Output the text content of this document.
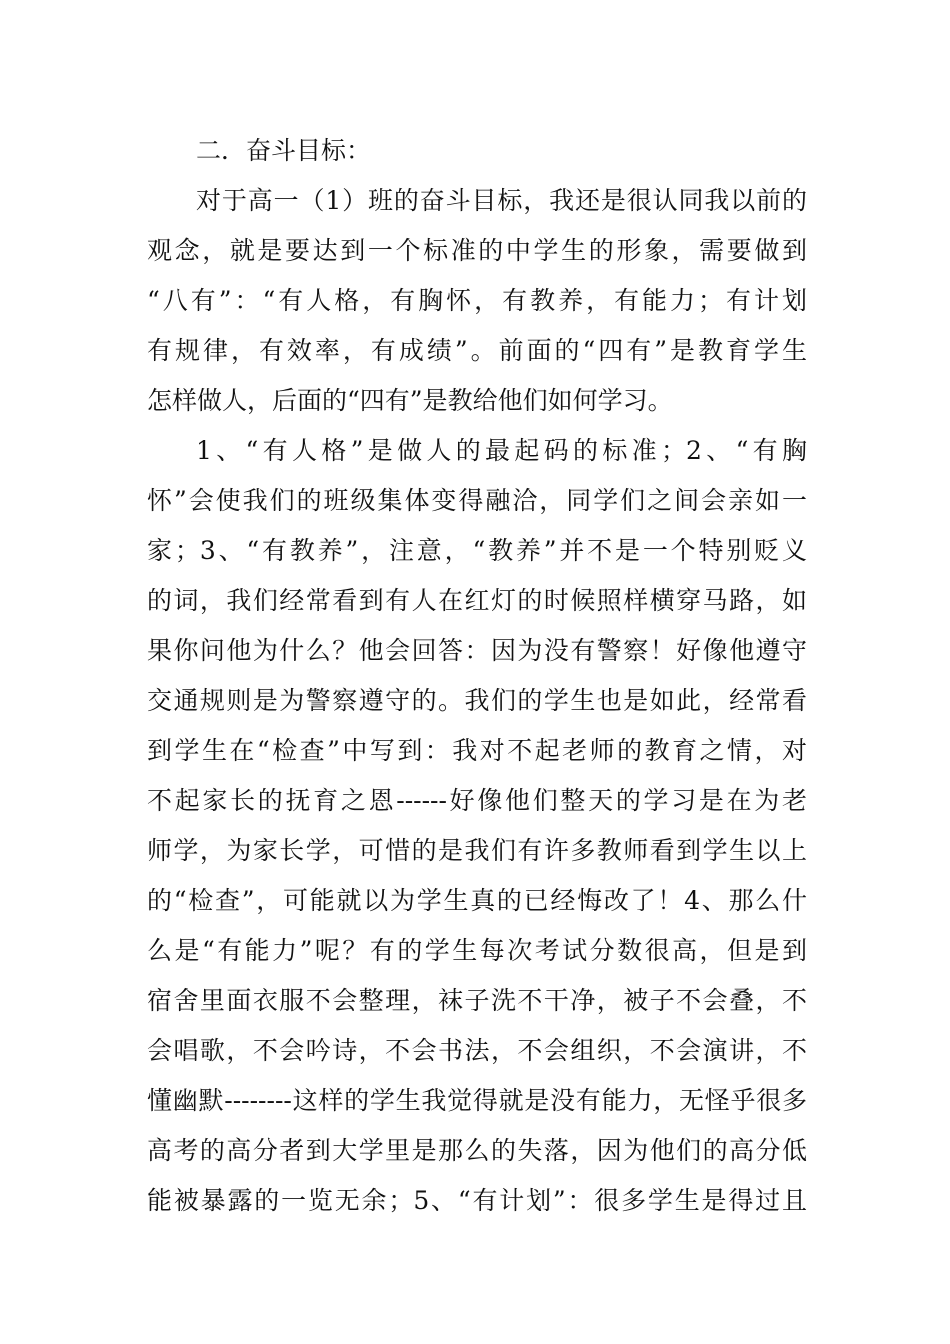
二．奋斗目标：
对于高一（1）班的奋斗目标，我还是很认同我以前的
观念，就是要达到一个标准的中学生的形象，需要做到
“八有”：“有人格，有胸怀，有教养，有能力；有计划
有规律，有效率，有成绩”。前面的“四有”是教育学生
怎样做人，后面的“四有”是教给他们如何学习。
1、“有人格”是做人的最起码的标准；2、“有胸
怀”会使我们的班级集体变得融洽，同学们之间会亲如一
家；3、“有教养”，注意，“教养”并不是一个特别贬义
的词，我们经常看到有人在红灯的时候照样横穿马路，如
果你问他为什么？他会回答：因为没有警察！好像他遵守
交通规则是为警察遵守的。我们的学生也是如此，经常看
到学生在“检查”中写到：我对不起老师的教育之情，对
不起家长的抚育之恩------好像他们整天的学习是在为老
师学，为家长学，可惜的是我们有许多教师看到学生以上
的“检查”，可能就以为学生真的已经悔改了！4、那么什
么是“有能力”呢？有的学生每次考试分数很高，但是到
宿舍里面衣服不会整理，袜子洗不干净，被子不会叠，不
会唱歌，不会吟诗，不会书法，不会组织，不会演讲，不
懂幽默--------这样的学生我觉得就是没有能力，无怪乎很多
高考的高分者到大学里是那么的失落，因为他们的高分低
能被暴露的一览无余；5、“有计划”：很多学生是得过且
